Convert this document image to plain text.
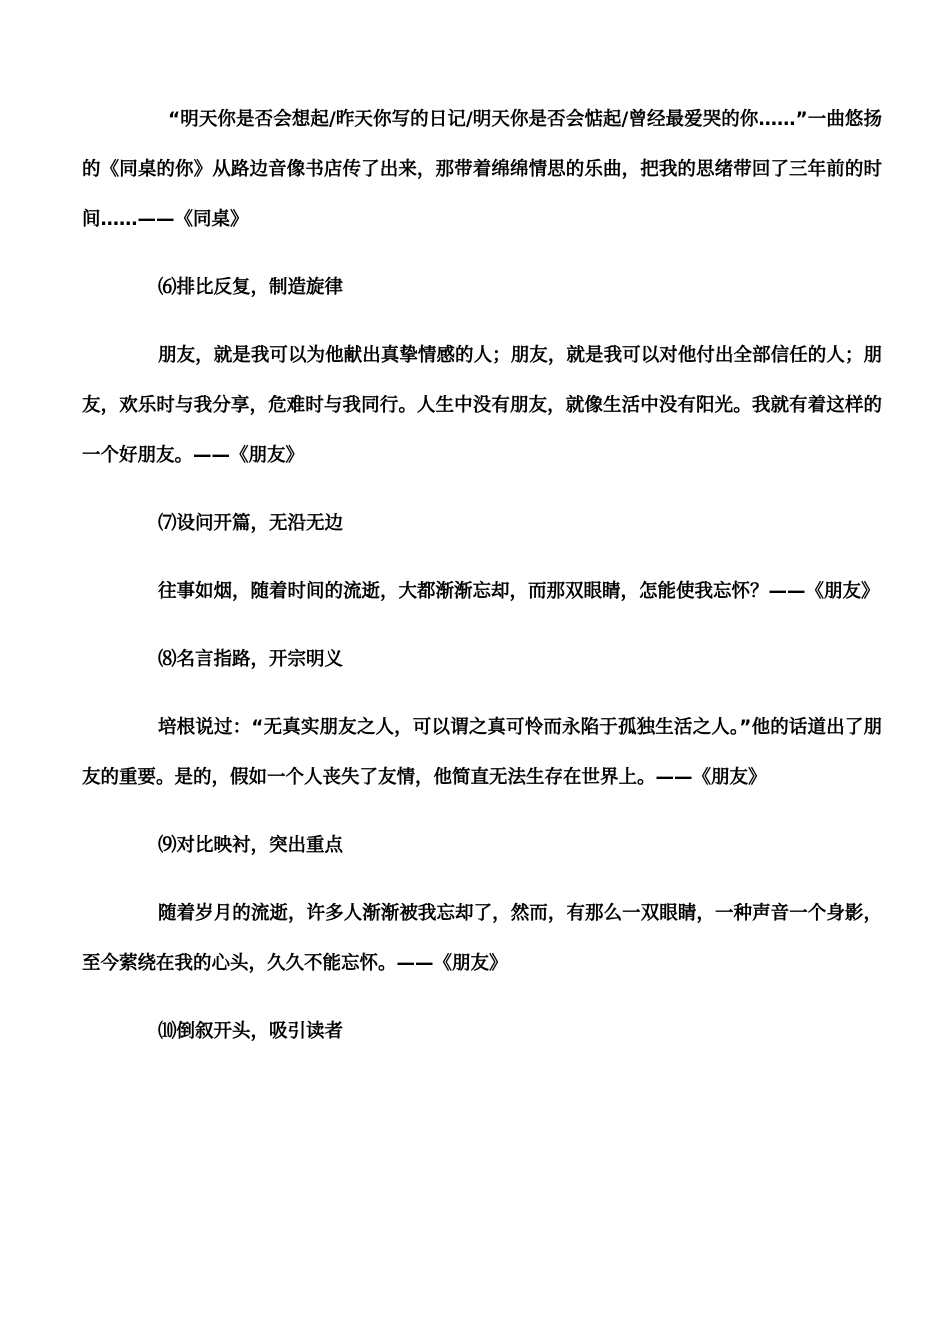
“明天你是否会想起/昨天你写的日记/明天你是否会惦起/曾经最爱哭的你……”一曲悠扬的《同桌的你》从路边音像书店传了出来，那带着绵绵情思的乐曲，把我的思绪带回了三年前的时间……——《同桌》

⑹排比反复，制造旋律

朋友，就是我可以为他献出真挚情感的人；朋友，就是我可以对他付出全部信任的人；朋友，欢乐时与我分享，危难时与我同行。人生中没有朋友，就像生活中没有阳光。我就有着这样的一个好朋友。——《朋友》

⑺设问开篇，无沿无边

往事如烟，随着时间的流逝，大都渐渐忘却，而那双眼睛，怎能使我忘怀？——《朋友》

⑻名言指路，开宗明义

培根说过：“无真实朋友之人，可以谓之真可怜而永陷于孤独生活之人。”他的话道出了朋友的重要。是的，假如一个人丧失了友情，他简直无法生存在世界上。——《朋友》

⑼对比映衬，突出重点

随着岁月的流逝，许多人渐渐被我忘却了，然而，有那么一双眼睛，一种声音一个身影，至今萦绕在我的心头，久久不能忘怀。——《朋友》

⑽倒叙开头，吸引读者
